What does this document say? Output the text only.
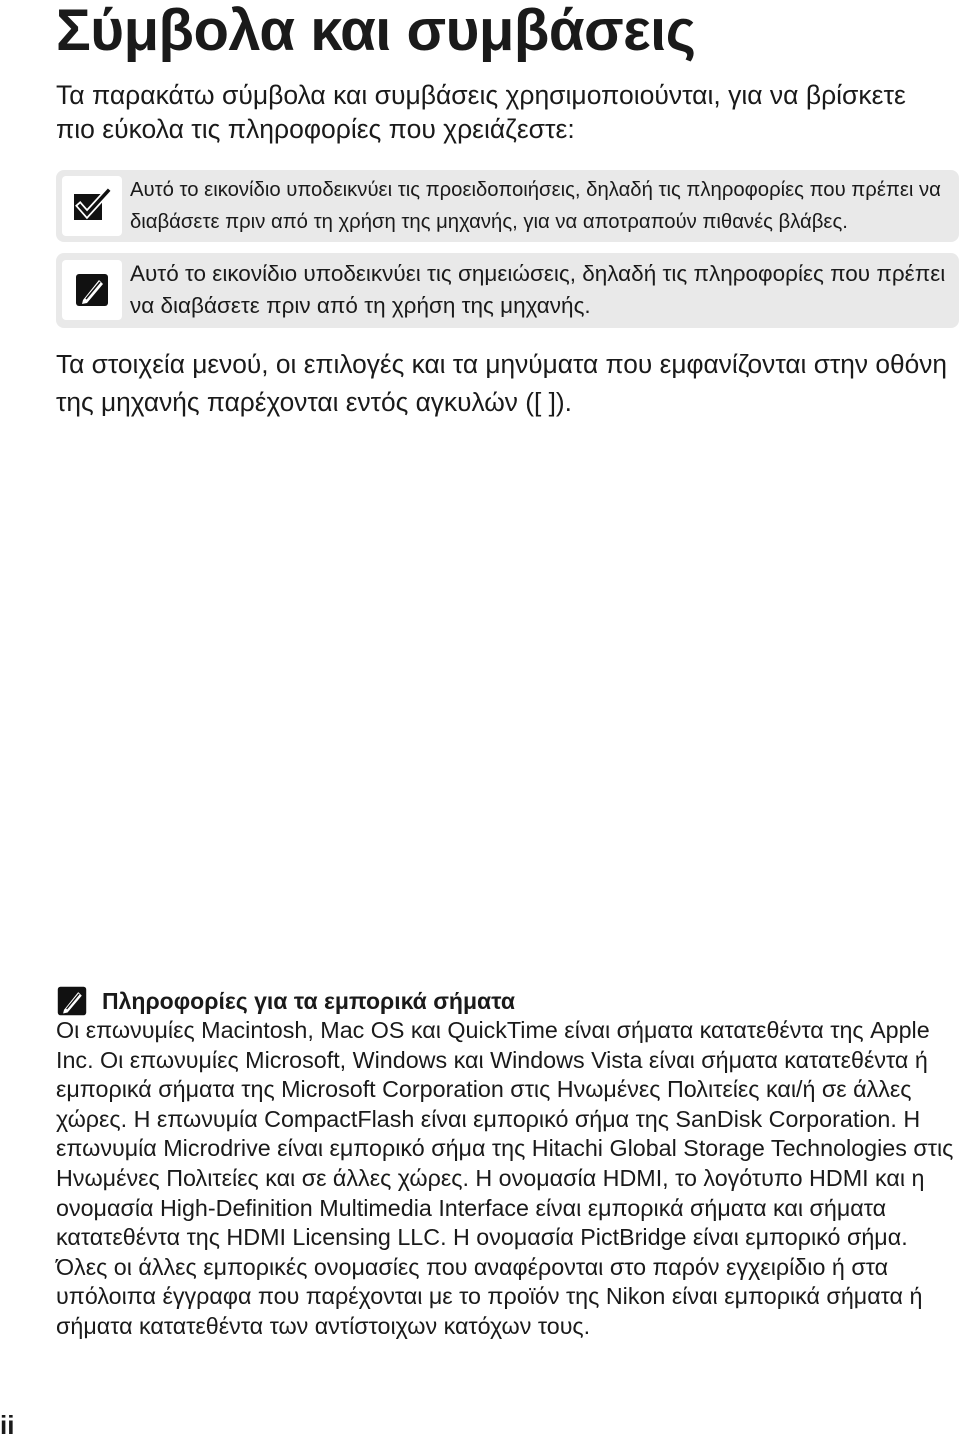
Σύμβολα και συμβάσεις
Τα παρακάτω σύμβολα και συμβάσεις χρησιμοποιούνται, για να βρίσκετε πιο εύκολα τις πληροφορίες που χρειάζεστε:
Αυτό το εικονίδιο υποδεικνύει τις προειδοποιήσεις, δηλαδή τις πληροφορίες που πρέπει να διαβάσετε πριν από τη χρήση της μηχανής, για να αποτραπούν πιθανές βλάβες.
Αυτό το εικονίδιο υποδεικνύει τις σημειώσεις, δηλαδή τις πληροφορίες που πρέπει να διαβάσετε πριν από τη χρήση της μηχανής.
Τα στοιχεία μενού, οι επιλογές και τα μηνύματα που εμφανίζονται στην οθόνη της μηχανής παρέχονται εντός αγκυλών ([ ]).
Πληροφορίες για τα εμπορικά σήματα
Οι επωνυμίες Macintosh, Mac OS και QuickTime είναι σήματα κατατεθέντα της Apple Inc. Οι επωνυμίες Microsoft, Windows και Windows Vista είναι σήματα κατατεθέντα ή εμπορικά σήματα της Microsoft Corporation στις Ηνωμένες Πολιτείες και/ή σε άλλες χώρες. Η επωνυμία CompactFlash είναι εμπορικό σήμα της SanDisk Corporation. Η επωνυμία Microdrive είναι εμπορικό σήμα της Hitachi Global Storage Technologies στις Ηνωμένες Πολιτείες και σε άλλες χώρες. Η ονομασία HDMI, το λογότυπο HDMI και η ονομασία High-Definition Multimedia Interface είναι εμπορικά σήματα και σήματα κατατεθέντα της HDMI Licensing LLC. Η ονομασία PictBridge είναι εμπορικό σήμα. Όλες οι άλλες εμπορικές ονομασίες που αναφέρονται στο παρόν εγχειρίδιο ή στα υπόλοιπα έγγραφα που παρέχονται με το προϊόν της Nikon είναι εμπορικά σήματα ή σήματα κατατεθέντα των αντίστοιχων κατόχων τους.
ii
